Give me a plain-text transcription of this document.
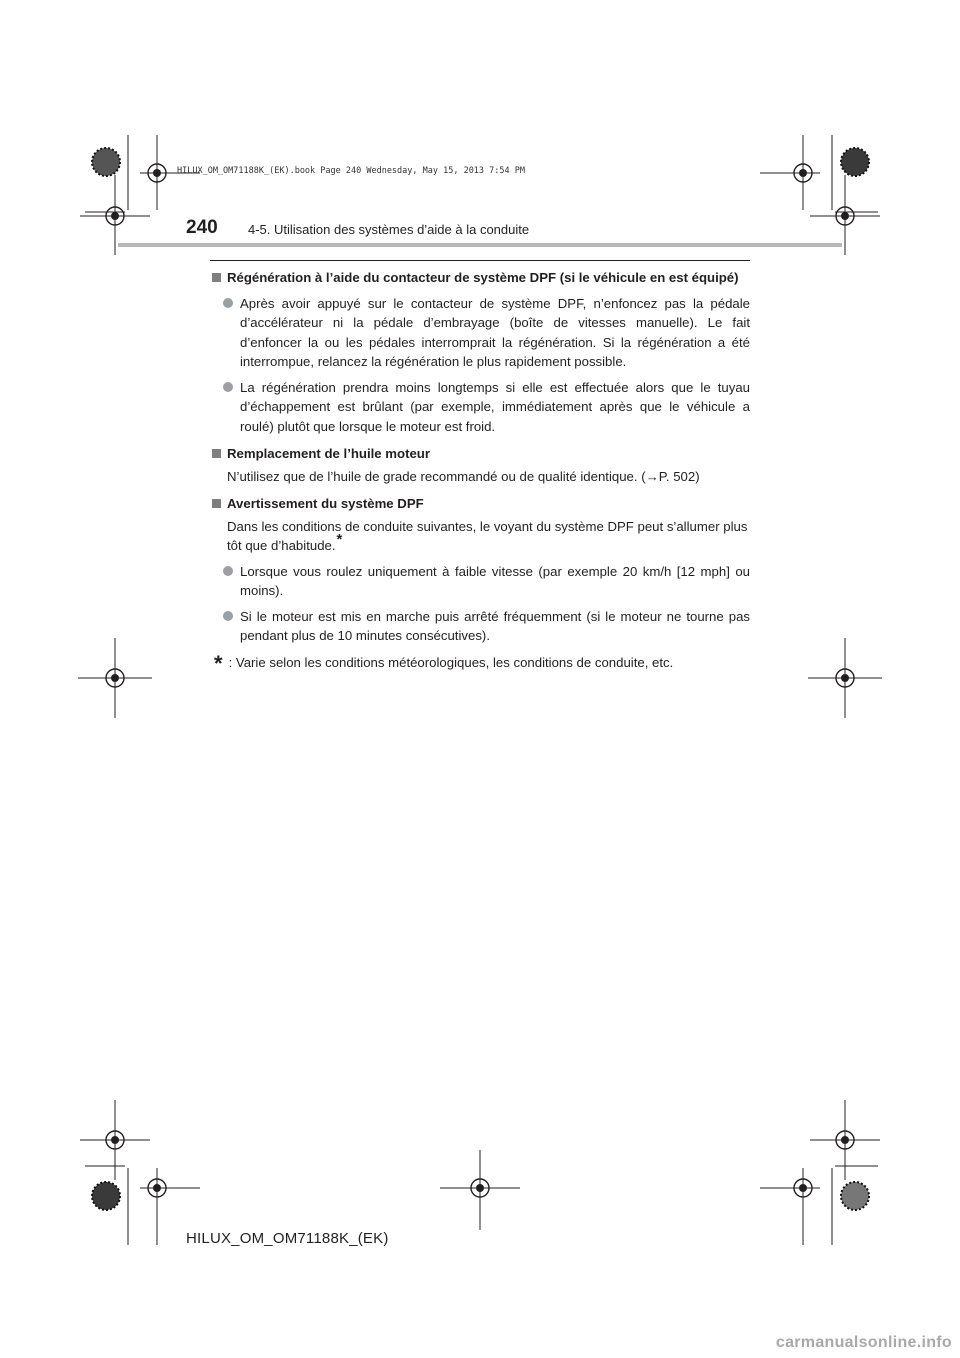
HILUX_OM_OM71188K_(EK).book Page 240 Wednesday, May 15, 2013 7:54 PM
240 4-5. Utilisation des systèmes d’aide à la conduite
Régénération à l’aide du contacteur de système DPF (si le véhicule en est équipé)
Après avoir appuyé sur le contacteur de système DPF, n’enfoncez pas la pédale d’accélérateur ni la pédale d’embrayage (boîte de vitesses manuelle). Le fait d’enfoncer la ou les pédales interromprait la régénération. Si la régénération a été interrompue, relancez la régénération le plus rapidement possible.
La régénération prendra moins longtemps si elle est effectuée alors que le tuyau d’échappement est brûlant (par exemple, immédiatement après que le véhicule a roulé) plutôt que lorsque le moteur est froid.
Remplacement de l’huile moteur
N’utilisez que de l’huile de grade recommandé ou de qualité identique. (→P. 502)
Avertissement du système DPF
Dans les conditions de conduite suivantes, le voyant du système DPF peut s’allumer plus tôt que d’habitude.*
Lorsque vous roulez uniquement à faible vitesse (par exemple 20 km/h [12 mph] ou moins).
Si le moteur est mis en marche puis arrêté fréquemment (si le moteur ne tourne pas pendant plus de 10 minutes consécutives).
* : Varie selon les conditions météorologiques, les conditions de conduite, etc.
HILUX_OM_OM71188K_(EK)
carmanualsonline.info
